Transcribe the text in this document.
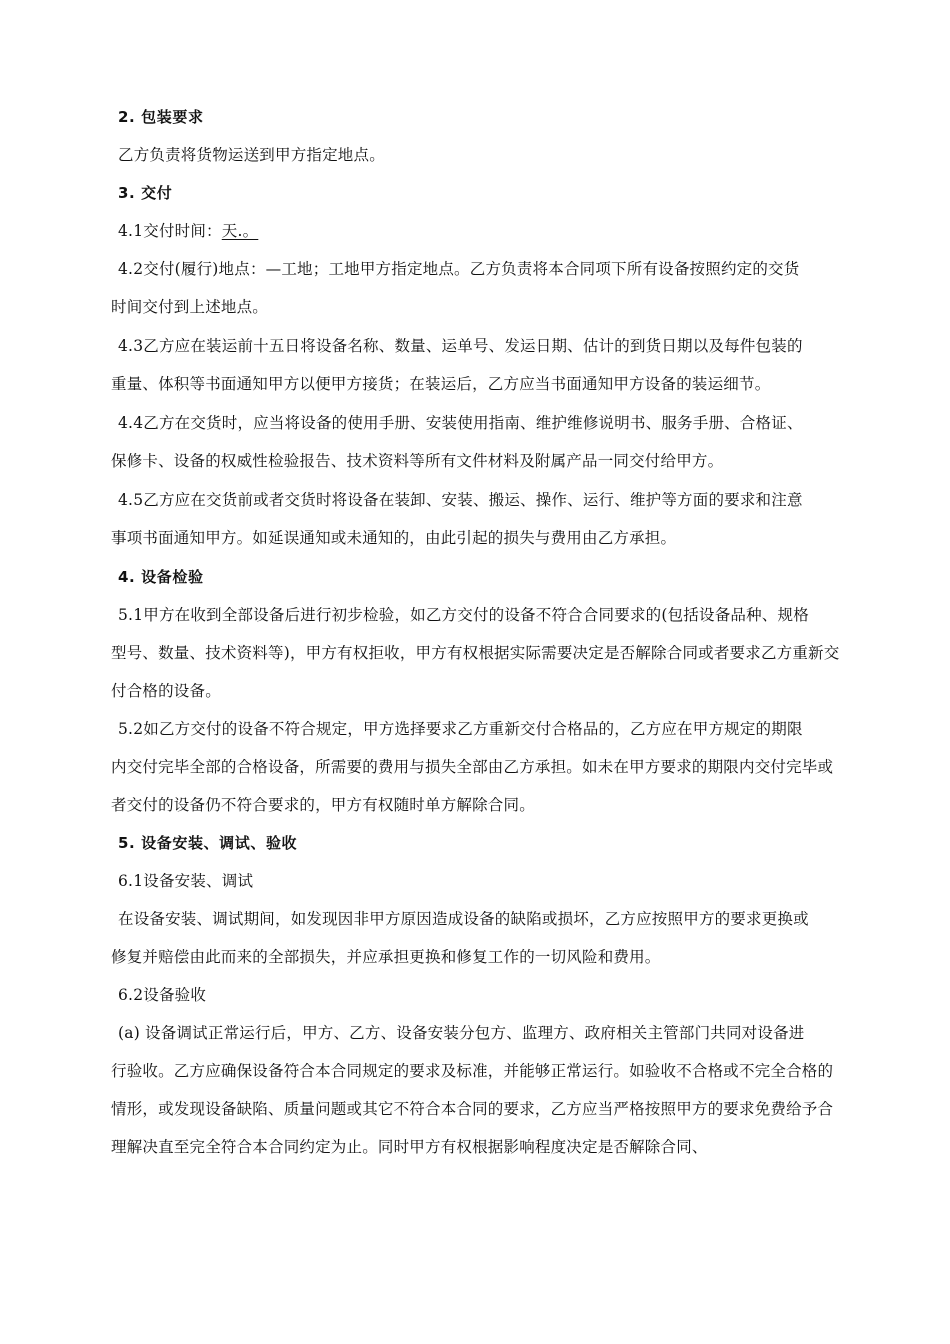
2. 包装要求
乙方负责将货物运送到甲方指定地点。
3. 交付
4.1交付时间：天.。
4.2交付(履行)地点：—工地；工地甲方指定地点。乙方负责将本合同项下所有设备按照约定的交货
时间交付到上述地点。
4.3乙方应在装运前十五日将设备名称、数量、运单号、发运日期、估计的到货日期以及每件包装的
重量、体积等书面通知甲方以便甲方接货；在装运后，乙方应当书面通知甲方设备的装运细节。
4.4乙方在交货时，应当将设备的使用手册、安装使用指南、维护维修说明书、服务手册、合格证、
保修卡、设备的权威性检验报告、技术资料等所有文件材料及附属产品一同交付给甲方。
4.5乙方应在交货前或者交货时将设备在装卸、安装、搬运、操作、运行、维护等方面的要求和注意
事项书面通知甲方。如延误通知或未通知的，由此引起的损失与费用由乙方承担。
4. 设备检验
5.1甲方在收到全部设备后进行初步检验，如乙方交付的设备不符合合同要求的(包括设备品种、规格
型号、数量、技术资料等)，甲方有权拒收，甲方有权根据实际需要决定是否解除合同或者要求乙方重新交
付合格的设备。
5.2如乙方交付的设备不符合规定，甲方选择要求乙方重新交付合格品的，乙方应在甲方规定的期限
内交付完毕全部的合格设备，所需要的费用与损失全部由乙方承担。如未在甲方要求的期限内交付完毕或
者交付的设备仍不符合要求的，甲方有权随时单方解除合同。
5. 设备安装、调试、验收
6.1设备安装、调试
在设备安装、调试期间，如发现因非甲方原因造成设备的缺陷或损坏，乙方应按照甲方的要求更换或
修复并赔偿由此而来的全部损失，并应承担更换和修复工作的一切风险和费用。
6.2设备验收
(a) 设备调试正常运行后，甲方、乙方、设备安装分包方、监理方、政府相关主管部门共同对设备进
行验收。乙方应确保设备符合本合同规定的要求及标准，并能够正常运行。如验收不合格或不完全合格的
情形，或发现设备缺陷、质量问题或其它不符合本合同的要求，乙方应当严格按照甲方的要求免费给予合
理解决直至完全符合本合同约定为止。同时甲方有权根据影响程度决定是否解除合同、
